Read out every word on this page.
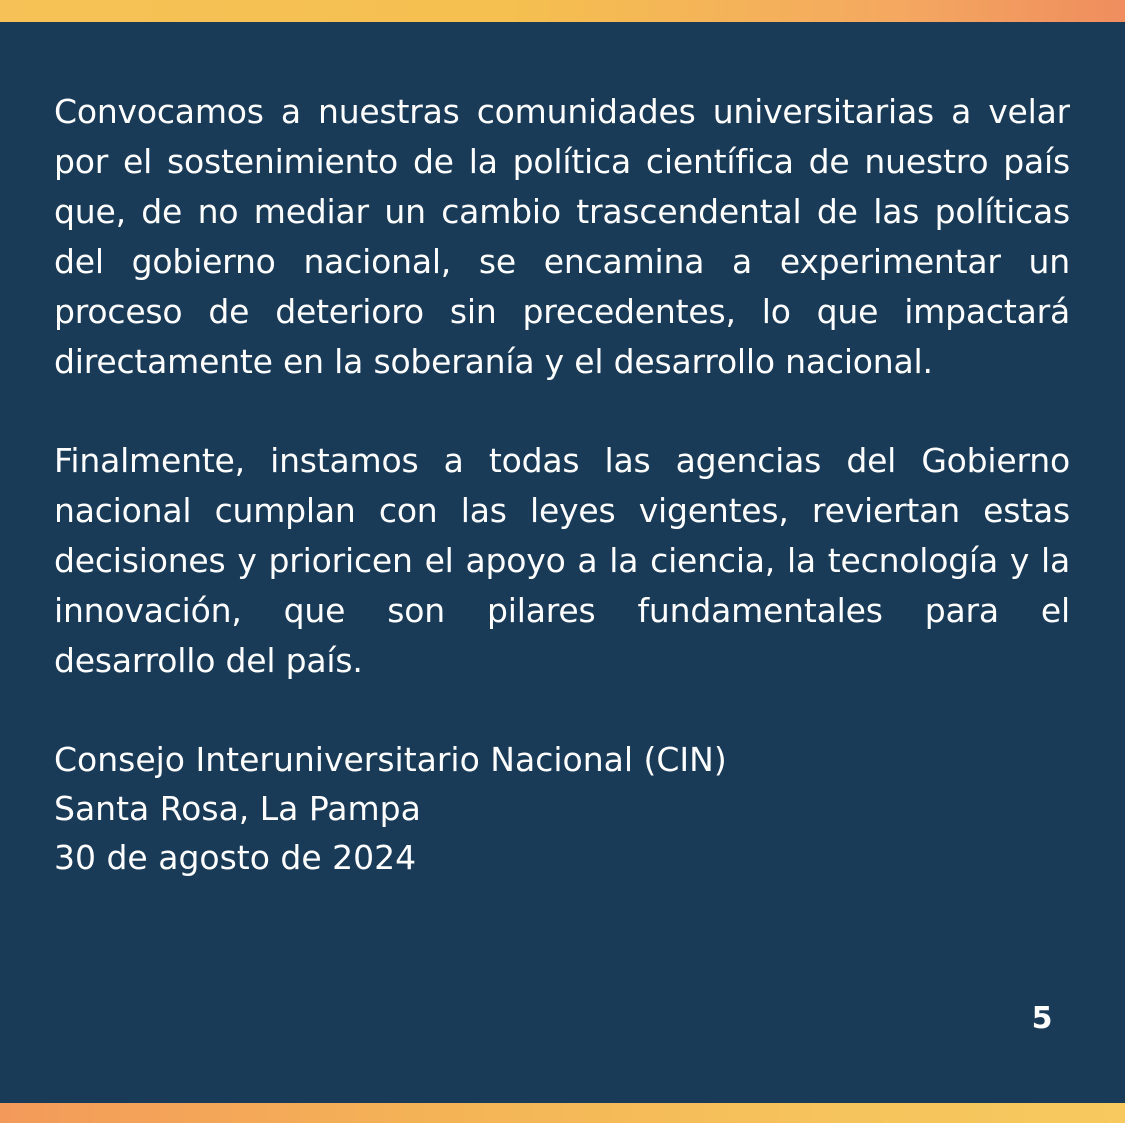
Convocamos a nuestras comunidades universitarias a velar
por el sostenimiento de la política científica de nuestro país
que, de no mediar un cambio trascendental de las políticas
del gobierno nacional, se encamina a experimentar un
proceso de deterioro sin precedentes, lo que impactará
directamente en la soberanía y el desarrollo nacional.
Finalmente, instamos a todas las agencias del Gobierno
nacional cumplan con las leyes vigentes, reviertan estas
decisiones y prioricen el apoyo a la ciencia, la tecnología y la
innovación, que son pilares fundamentales para el
desarrollo del país.
Consejo Interuniversitario Nacional (CIN)
Santa Rosa, La Pampa
30 de agosto de 2024
5
